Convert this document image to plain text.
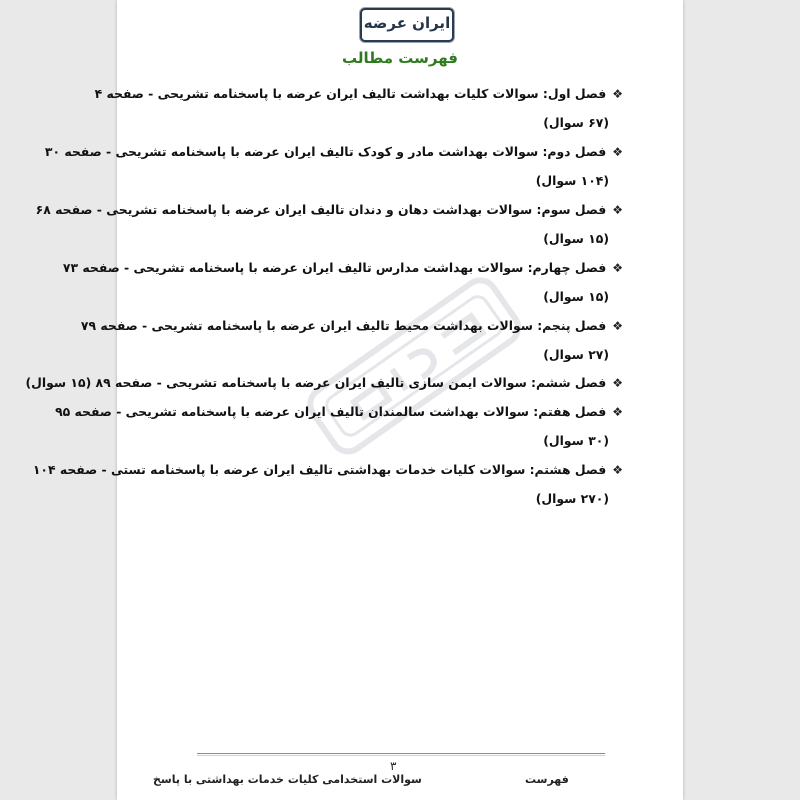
ایران عرضه
فهرست مطالب
❖فصل اول: سوالات کلیات بهداشت تالیف ایران عرضه با پاسخنامه تشریحی - صفحه ۴
(۶۷ سوال)
❖فصل دوم: سوالات بهداشت مادر و کودک تالیف ایران عرضه با پاسخنامه تشریحی - صفحه ۳۰
(۱۰۴ سوال)
❖فصل سوم: سوالات بهداشت دهان و دندان تالیف ایران عرضه با پاسخنامه تشریحی - صفحه ۶۸
(۱۵ سوال)
❖فصل چهارم: سوالات بهداشت مدارس تالیف ایران عرضه با پاسخنامه تشریحی - صفحه ۷۳
(۱۵ سوال)
❖فصل پنجم: سوالات بهداشت محیط تالیف ایران عرضه با پاسخنامه تشریحی - صفحه ۷۹
(۲۷ سوال)
❖فصل ششم: سوالات ایمن سازی تالیف ایران عرضه با پاسخنامه تشریحی - صفحه ۸۹ (۱۵ سوال)
❖فصل هفتم: سوالات بهداشت سالمندان تالیف ایران عرضه با پاسخنامه تشریحی - صفحه ۹۵
(۳۰ سوال)
❖فصل هشتم: سوالات کلیات خدمات بهداشتی تالیف ایران عرضه با پاسخنامه تستی - صفحه ۱۰۴
(۲۷۰ سوال)
۳
سوالات استخدامی کلیات خدمات بهداشتی با پاسخ	فهرست
